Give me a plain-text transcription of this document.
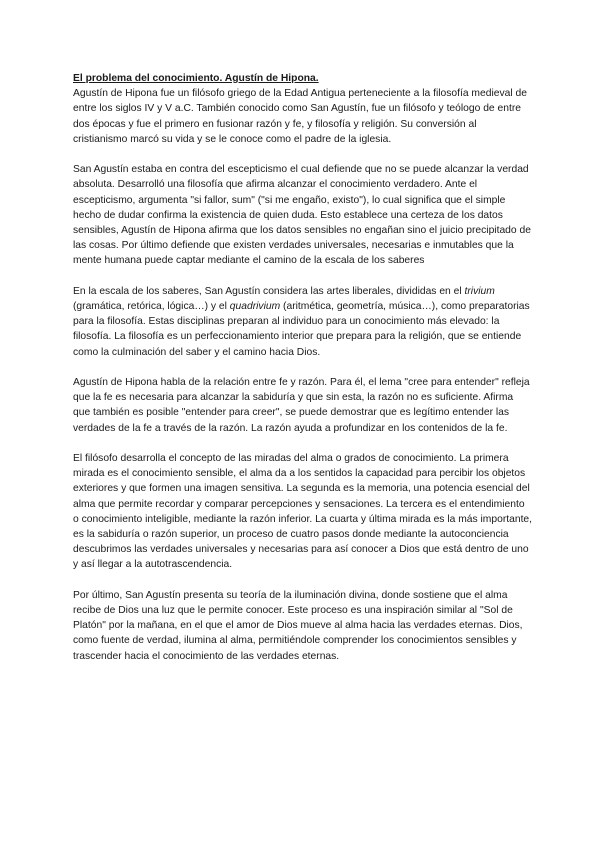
El problema del conocimiento. Agustín de Hipona.

Agustín de Hipona fue un filósofo griego de la Edad Antigua perteneciente a la filosofía medieval de entre los siglos IV y V a.C. También conocido como San Agustín, fue un filósofo y teólogo de entre dos épocas y fue el primero en fusionar razón y fe, y filosofía y religión. Su conversión al cristianismo marcó su vida y se le conoce como el padre de la iglesia.

San Agustín estaba en contra del escepticismo el cual defiende que no se puede alcanzar la verdad absoluta. Desarrolló una filosofía que afirma alcanzar el conocimiento verdadero. Ante el escepticismo, argumenta "si fallor, sum" ("si me engaño, existo"), lo cual significa que el simple hecho de dudar confirma la existencia de quien duda. Esto establece una certeza de los datos sensibles, Agustín de Hipona afirma que los datos sensibles no engañan sino el juicio precipitado de las cosas. Por último defiende que existen verdades universales, necesarias e inmutables que la mente humana puede captar mediante el camino de la escala de los saberes

En la escala de los saberes, San Agustín considera las artes liberales, divididas en el trivium (gramática, retórica, lógica…) y el quadrivium (aritmética, geometría, música…), como preparatorias para la filosofía. Estas disciplinas preparan al individuo para un conocimiento más elevado: la filosofía. La filosofía es un perfeccionamiento interior que prepara para la religión, que se entiende como la culminación del saber y el camino hacia Dios.

Agustín de Hipona habla de la relación entre fe y razón. Para él, el lema "cree para entender" refleja que la fe es necesaria para alcanzar la sabiduría y que sin esta, la razón no es suficiente. Afirma que también es posible "entender para creer", se puede demostrar que es legítimo entender las verdades de la fe a través de la razón. La razón ayuda a profundizar en los contenidos de la fe.

El filósofo desarrolla el concepto de las miradas del alma o grados de conocimiento. La primera mirada es el conocimiento sensible, el alma da a los sentidos la capacidad para percibir los objetos exteriores y que formen una imagen sensitiva. La segunda es la memoria, una potencia esencial del alma que permite recordar y comparar percepciones y sensaciones. La tercera es el entendimiento o conocimiento inteligible, mediante la razón inferior. La cuarta y última mirada es la más importante, es la sabiduría o razón superior, un proceso de cuatro pasos donde mediante la autoconciencia descubrimos las verdades universales y necesarias para así conocer a Dios que está dentro de uno y así llegar a la autotrascendencia.

Por último, San Agustín presenta su teoría de la iluminación divina, donde sostiene que el alma recibe de Dios una luz que le permite conocer. Este proceso es una inspiración similar al "Sol de Platón" por la mañana, en el que el amor de Dios mueve al alma hacia las verdades eternas. Dios, como fuente de verdad, ilumina al alma, permitiéndole comprender los conocimientos sensibles y trascender hacia el conocimiento de las verdades eternas.
